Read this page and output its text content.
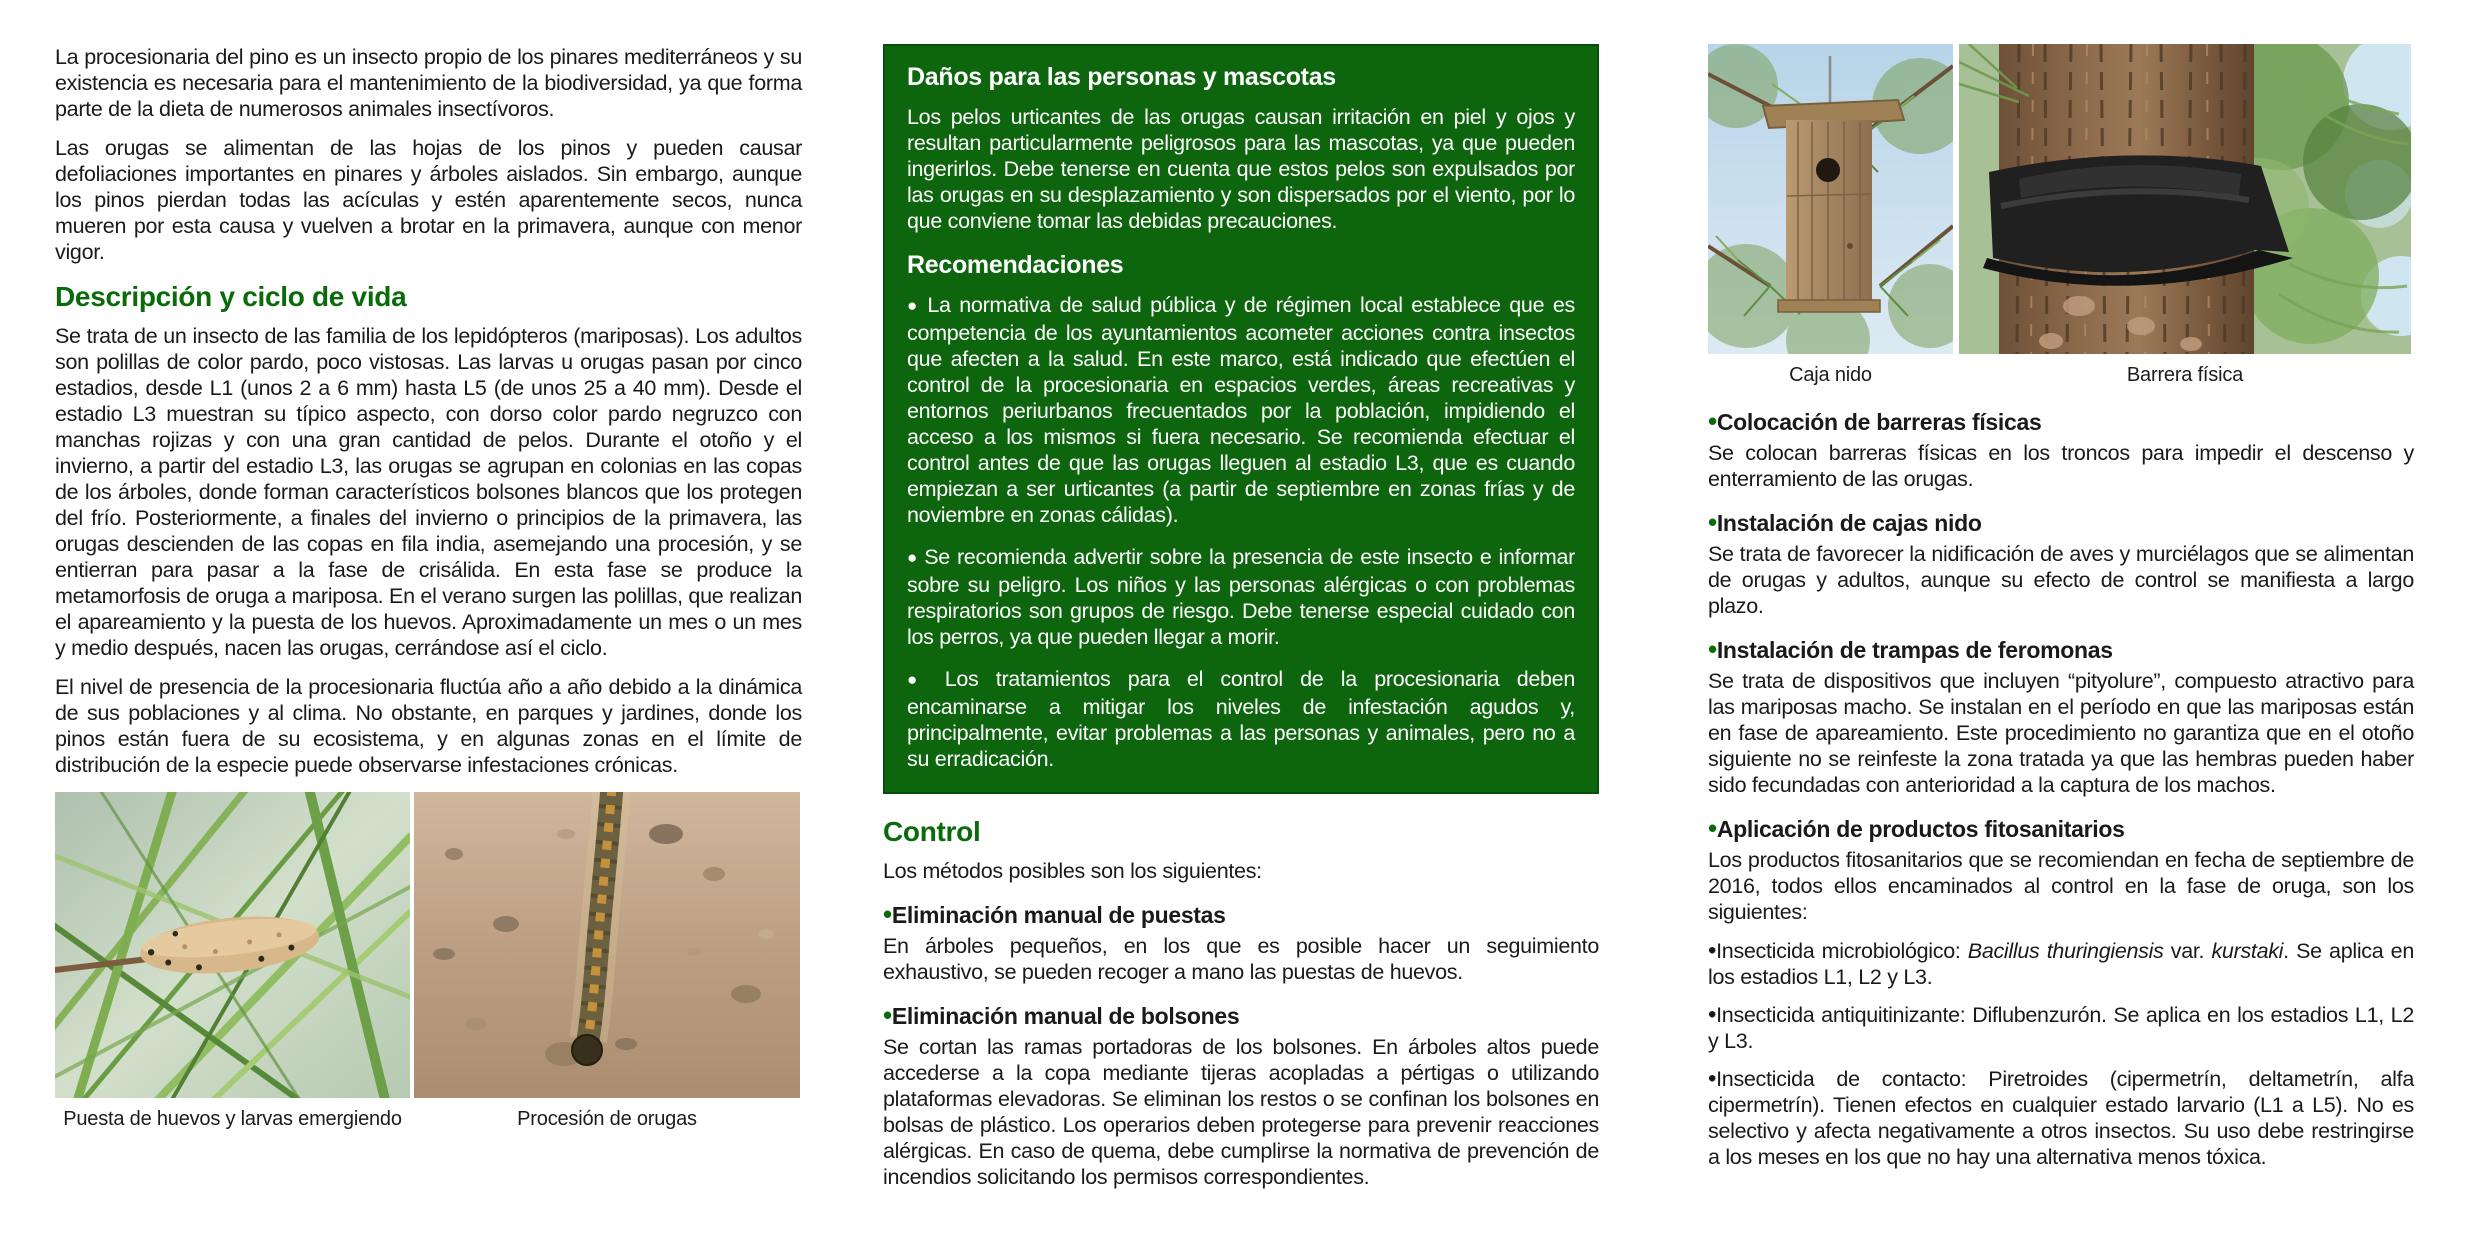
La procesionaria del pino es un insecto propio de los pinares mediterráneos y su existencia es necesaria para el mantenimiento de la biodiversidad, ya que forma parte de la dieta de numerosos animales insectívoros.

Las orugas se alimentan de las hojas de los pinos y pueden causar defoliaciones importantes en pinares y árboles aislados. Sin embargo, aunque los pinos pierdan todas las acículas y estén aparentemente secos, nunca mueren por esta causa y vuelven a brotar en la primavera, aunque con menor vigor.

Descripción y ciclo de vida

Se trata de un insecto de las familia de los lepidópteros (mariposas). Los adultos son polillas de color pardo, poco vistosas. Las larvas u orugas pasan por cinco estadios, desde L1 (unos 2 a 6 mm) hasta L5 (de unos 25 a 40 mm). Desde el estadio L3 muestran su típico aspecto, con dorso color pardo negruzco con manchas rojizas y con una gran cantidad de pelos. Durante el otoño y el invierno, a partir del estadio L3, las orugas se agrupan en colonias en las copas de los árboles, donde forman característicos bolsones blancos que los protegen del frío. Posteriormente, a finales del invierno o principios de la primavera, las orugas descienden de las copas en fila india, asemejando una procesión, y se entierran para pasar a la fase de crisálida. En esta fase se produce la metamorfosis de oruga a mariposa. En el verano surgen las polillas, que realizan el apareamiento y la puesta de los huevos. Aproximadamente un mes o un mes y medio después, nacen las orugas, cerrándose así el ciclo.

El nivel de presencia de la procesionaria fluctúa año a año debido a la dinámica de sus poblaciones y al clima. No obstante, en parques y jardines, donde los pinos están fuera de su ecosistema, y en algunas zonas en el límite de distribución de la especie puede observarse infestaciones crónicas.

Puesta de huevos y larvas emergiendo	Procesión de orugas
Daños para las personas y mascotas

Los pelos urticantes de las orugas causan irritación en piel y ojos y resultan particularmente peligrosos para las mascotas, ya que pueden ingerirlos. Debe tenerse en cuenta que estos pelos son expulsados por las orugas en su desplazamiento y son dispersados por el viento, por lo que conviene tomar las debidas precauciones.

Recomendaciones

● La normativa de salud pública y de régimen local establece que es competencia de los ayuntamientos acometer acciones contra insectos que afecten a la salud. En este marco, está indicado que efectúen el control de la procesionaria en espacios verdes, áreas recreativas y entornos periurbanos frecuentados por la población, impidiendo el acceso a los mismos si fuera necesario. Se recomienda efectuar el control antes de que las orugas lleguen al estadio L3, que es cuando empiezan a ser urticantes (a partir de septiembre en zonas frías y de noviembre en zonas cálidas).

● Se recomienda advertir sobre la presencia de este insecto e informar sobre su peligro. Los niños y las personas alérgicas o con problemas respiratorios son grupos de riesgo. Debe tenerse especial cuidado con los perros, ya que pueden llegar a morir.

● Los tratamientos para el control de la procesionaria deben encaminarse a mitigar los niveles de infestación agudos y, principalmente, evitar problemas a las personas y animales, pero no a su erradicación.

Control

Los métodos posibles son los siguientes:

• Eliminación manual de puestas

En árboles pequeños, en los que es posible hacer un seguimiento exhaustivo, se pueden recoger a mano las puestas de huevos.

• Eliminación manual de bolsones

Se cortan las ramas portadoras de los bolsones. En árboles altos puede accederse a la copa mediante tijeras acopladas a pértigas o utilizando plataformas elevadoras. Se eliminan los restos o se confinan los bolsones en bolsas de plástico. Los operarios deben protegerse para prevenir reacciones alérgicas. En caso de quema, debe cumplirse la normativa de prevención de incendios solicitando los permisos correspondientes.

Caja nido	Barrera física
• Colocación de barreras físicas

Se colocan barreras físicas en los troncos para impedir el descenso y enterramiento de las orugas.

• Instalación de cajas nido

Se trata de favorecer la nidificación de aves y murciélagos que se alimentan de orugas y adultos, aunque su efecto de control se manifiesta a largo plazo.

• Instalación de trampas de feromonas

Se trata de dispositivos que incluyen “pityolure”, compuesto atractivo para las mariposas macho. Se instalan en el período en que las mariposas están en fase de apareamiento. Este procedimiento no garantiza que en el otoño siguiente no se reinfeste la zona tratada ya que las hembras pueden haber sido fecundadas con anterioridad a la captura de los machos.

• Aplicación de productos fitosanitarios

Los productos fitosanitarios que se recomiendan en fecha de septiembre de 2016, todos ellos encaminados al control en la fase de oruga, son los siguientes:

• Insecticida microbiológico: Bacillus thuringiensis var. kurstaki. Se aplica en los estadios L1, L2 y L3.

• Insecticida antiquitinizante: Diflubenzurón. Se aplica en los estadios L1, L2 y L3.

• Insecticida de contacto: Piretroides (cipermetrín, deltametrín, alfa cipermetrín). Tienen efectos en cualquier estado larvario (L1 a L5). No es selectivo y afecta negativamente a otros insectos. Su uso debe restringirse a los meses en los que no hay una alternativa menos tóxica.
